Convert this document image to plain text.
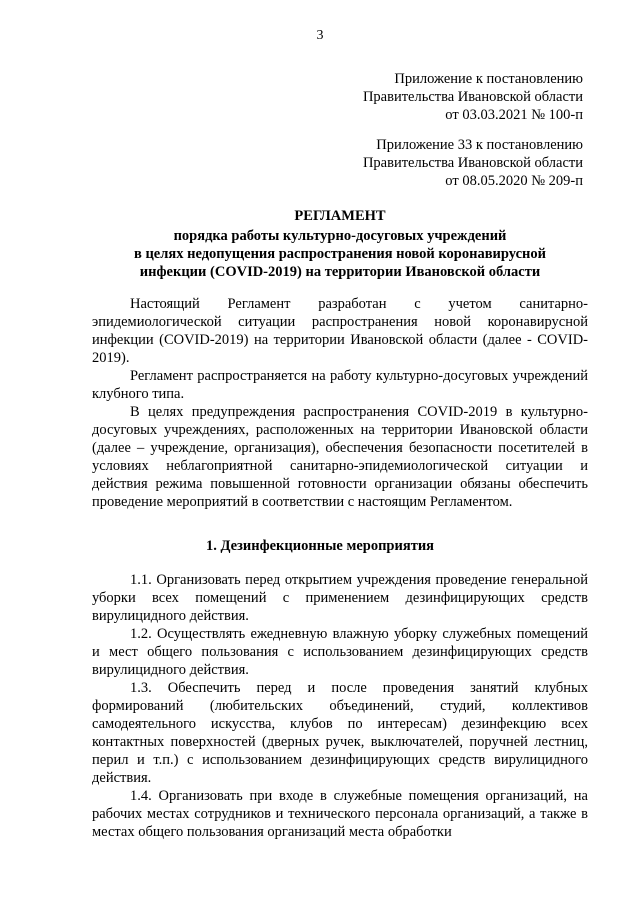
3
Приложение к постановлению
Правительства Ивановской области
от 03.03.2021 № 100-п
Приложение 33 к постановлению
Правительства Ивановской области
от 08.05.2020 № 209-п
РЕГЛАМЕНТ
порядка работы культурно-досуговых учреждений
в целях недопущения распространения новой коронавирусной
инфекции (COVID-2019) на территории Ивановской области

Настоящий Регламент разработан с учетом санитарно-эпидемиологической ситуации распространения новой коронавирусной инфекции (COVID-2019) на территории Ивановской области (далее - COVID-2019).

Регламент распространяется на работу культурно-досуговых учреждений клубного типа.

В целях предупреждения распространения COVID-2019 в культурно-досуговых учреждениях, расположенных на территории Ивановской области (далее – учреждение, организация), обеспечения безопасности посетителей в условиях неблагоприятной санитарно-эпидемиологической ситуации и действия режима повышенной готовности организации обязаны обеспечить проведение мероприятий в соответствии с настоящим Регламентом.

1. Дезинфекционные мероприятия

1.1. Организовать перед открытием учреждения проведение генеральной уборки всех помещений с применением дезинфицирующих средств вирулицидного действия.

1.2. Осуществлять ежедневную влажную уборку служебных помещений и мест общего пользования с использованием дезинфицирующих средств вирулицидного действия.

1.3. Обеспечить перед и после проведения занятий клубных формирований (любительских объединений, студий, коллективов самодеятельного искусства, клубов по интересам) дезинфекцию всех контактных поверхностей (дверных ручек, выключателей, поручней лестниц, перил и т.п.) с использованием дезинфицирующих средств вирулицидного действия.

1.4. Организовать при входе в служебные помещения организаций, на рабочих местах сотрудников и технического персонала организаций, а также в местах общего пользования организаций места обработки
